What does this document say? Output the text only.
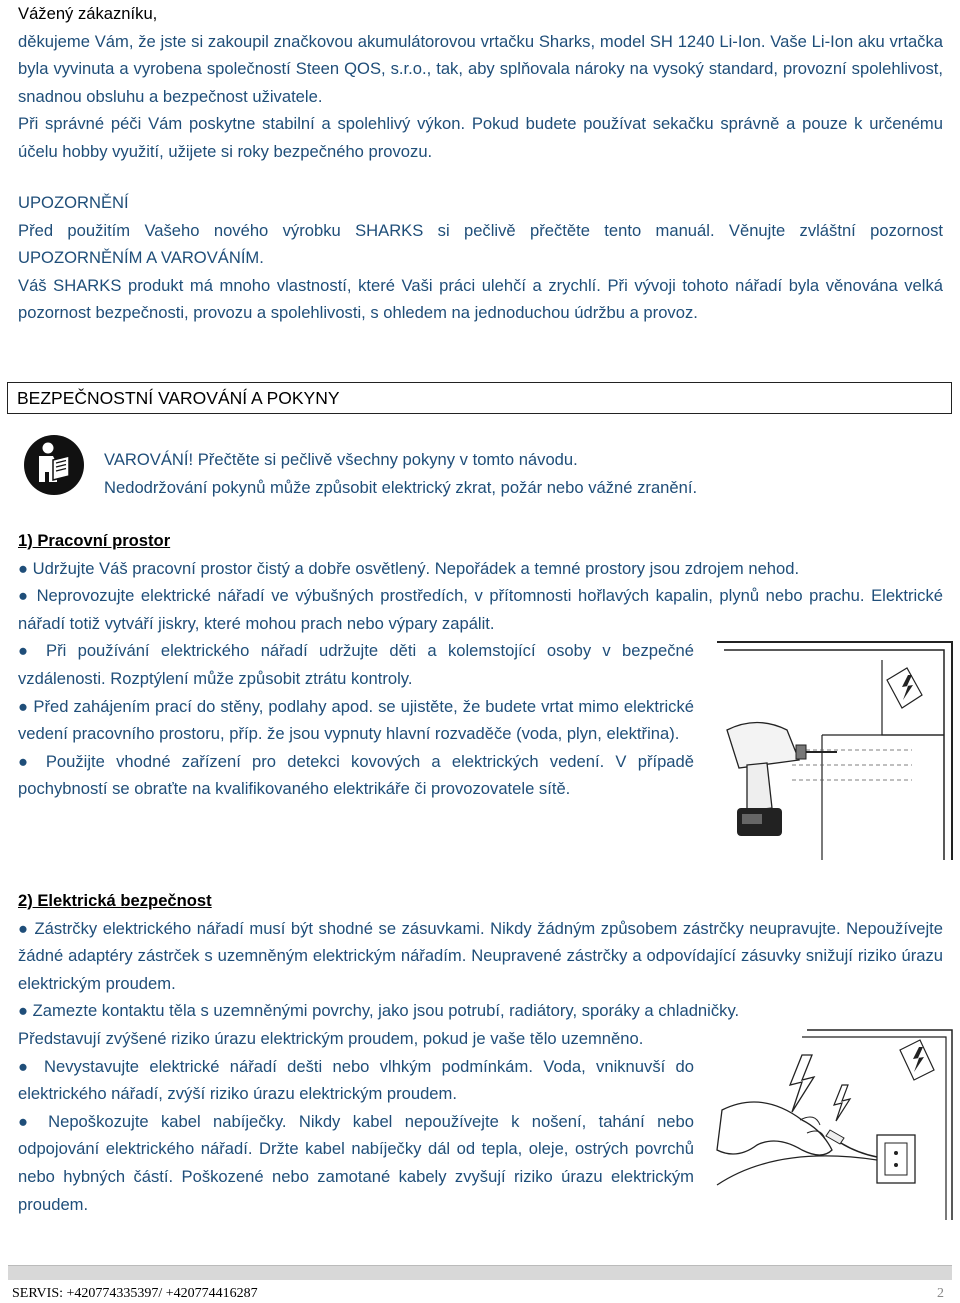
Vážený zákazníku,

děkujeme Vám, že jste si zakoupil značkovou akumulátorovou vrtačku Sharks, model SH 1240 Li-Ion. Vaše Li-Ion aku vrtačka byla vyvinuta a vyrobena společností Steen QOS, s.r.o., tak, aby splňovala nároky na vysoký standard, provozní spolehlivost, snadnou obsluhu a bezpečnost uživatele.

Při správné péči Vám poskytne stabilní a spolehlivý výkon. Pokud budete používat sekačku správně a pouze k určenému účelu hobby využití, užijete si roky bezpečného provozu.

UPOZORNĚNÍ

Před použitím Vašeho nového výrobku SHARKS si pečlivě přečtěte tento manuál. Věnujte zvláštní pozornost UPOZORNĚNÍM A VAROVÁNÍM.

Váš SHARKS produkt má mnoho vlastností, které Vaši práci ulehčí a zrychlí. Při vývoji tohoto nářadí byla věnována velká pozornost bezpečnosti, provozu a spolehlivosti, s ohledem na jednoduchou údržbu a provoz.

BEZPEČNOSTNÍ VAROVÁNÍ A POKYNY
VAROVÁNÍ! Přečtěte si pečlivě všechny pokyny v tomto návodu.
Nedodržování pokynů může způsobit elektrický zkrat, požár nebo vážné zranění.

1) Pracovní prostor

● Udržujte Váš pracovní prostor čistý a dobře osvětlený. Nepořádek a temné prostory jsou zdrojem nehod.

● Neprovozujte elektrické nářadí ve výbušných prostředích, v přítomnosti hořlavých kapalin, plynů nebo prachu. Elektrické nářadí totiž vytváří jiskry, které mohou prach nebo výpary zapálit.

● Při používání elektrického nářadí udržujte děti a kolemstojící osoby v bezpečné vzdálenosti. Rozptýlení může způsobit ztrátu kontroly.

● Před zahájením prací do stěny, podlahy apod. se ujistěte, že budete vrtat mimo elektrické vedení pracovního prostoru, příp. že jsou vypnuty hlavní rozvaděče (voda, plyn, elektřina).

● Použijte vhodné zařízení pro detekci kovových a elektrických vedení. V případě pochybností se obraťte na kvalifikovaného elektrikáře či provozovatele sítě.

2) Elektrická bezpečnost

● Zástrčky elektrického nářadí musí být shodné se zásuvkami. Nikdy žádným způsobem zástrčky neupravujte. Nepoužívejte žádné adaptéry zástrček s uzemněným elektrickým nářadím. Neupravené zástrčky a odpovídající zásuvky snižují riziko úrazu elektrickým proudem.

● Zamezte kontaktu těla s uzemněnými povrchy, jako jsou potrubí, radiátory, sporáky a chladničky.

Představují zvýšené riziko úrazu elektrickým proudem, pokud je vaše tělo uzemněno.

● Nevystavujte elektrické nářadí dešti nebo vlhkým podmínkám. Voda, vniknuvší do elektrického nářadí, zvýší riziko úrazu elektrickým proudem.

● Nepoškozujte kabel nabíječky. Nikdy kabel nepoužívejte k nošení, tahání nebo odpojování elektrického nářadí. Držte kabel nabíječky dál od tepla, oleje, ostrých povrchů nebo hybných částí. Poškozené nebo zamotané kabely zvyšují riziko úrazu elektrickým proudem.

SERVIS: +420774335397/ +420774416287	2
